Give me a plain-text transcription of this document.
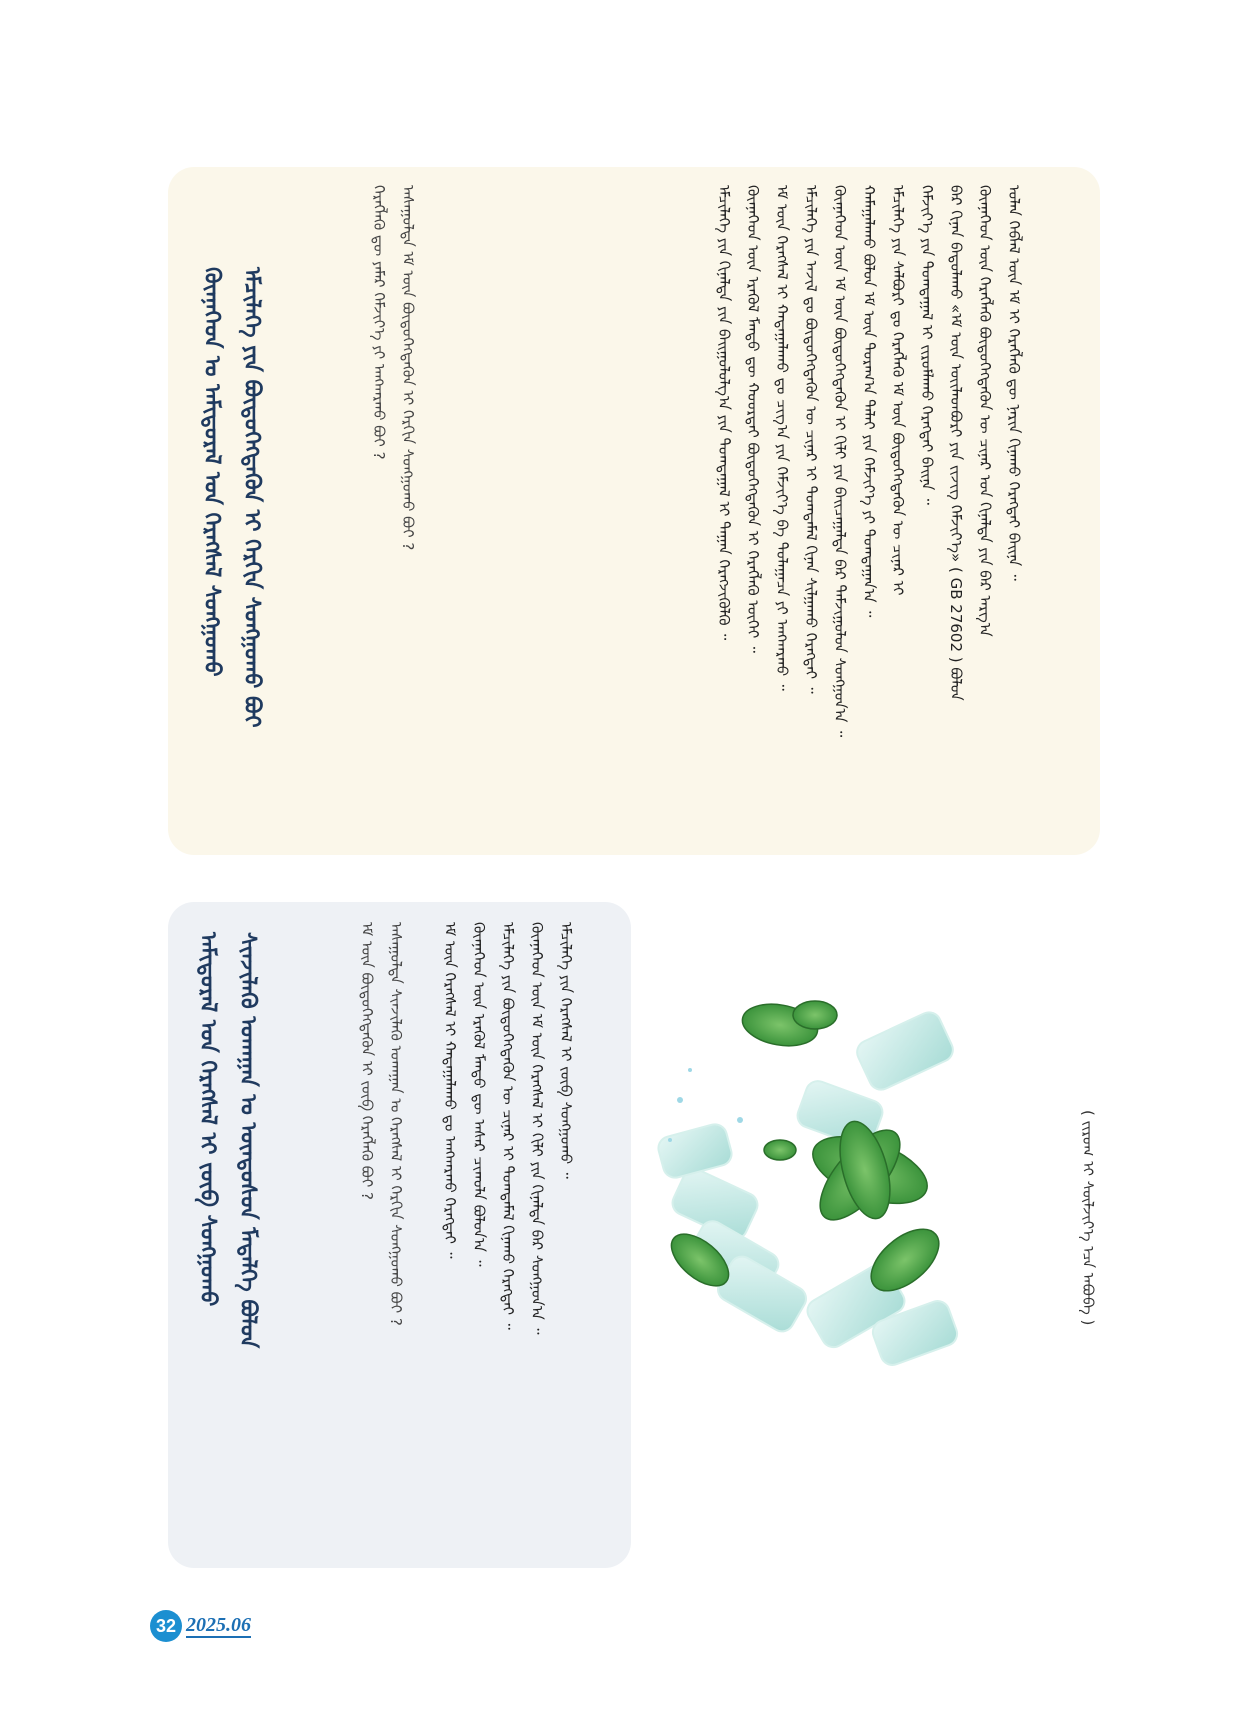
ᠣᠯᠠᠨ ᠬᠡᠪᠯᠡᠯ ᠦᠨ ᠡᠮ ᠢ ᠬᠡᠷᠡᠭᠯᠡᠬᠦ ᠳᠦ ᠨᠠᠷᠢᠨ ᠬᠢᠨᠠᠬᠤ ᠬᠡᠷᠡᠭᠲᠡᠢ ᠪᠠᠢᠨᠠ ᠃
ᠬᠦᠨᠨᠡᠭᠡᠳ ᠦᠨ ᠬᠡᠷᠡᠭᠯᠡᠬᠦ ᠪᠦᠲᠦᠭᠡᠭᠳᠡᠬᠦᠨ ᠦ ᠴᠢᠨᠠᠷ ᠤᠨ ᠬᠢᠨᠠᠯᠲᠠ ᠶᠢᠨ ᠪᠠᠷ ᠠᠷᠭ᠎ᠠ
ᠪᠠᠷ ᠬᠢᠨᠠᠨ ᠪᠠᠲᠤᠯᠠᠬᠤ «ᠡᠮ ᠦᠨ ᠦᠢᠯᠡᠳᠪᠦᠷᠢ ᠶᠢᠨ ᠵᠢᠵᠢᠭ ᠬᠡᠮᠵᠢᠶ᠎ᠡ» ( GB 27602 ) ᠪᠣᠯᠤᠨ
ᠬᠡᠮᠵᠢᠶ᠎ᠡ ᠶᠢᠨ ᠲᠣᠭᠲᠠᠭᠠᠯ ᠢ ᠵᠢᠷᠤᠮᠯᠠᠬᠤ ᠬᠡᠷᠡᠭᠲᠡᠢ ᠪᠠᠢᠨᠠ ᠃
ᠡᠮᠴᠢᠯᠡᠭᠡ ᠶᠢᠨ ᠰᠠᠯᠪᠤᠷᠢ ᠳᠤ ᠬᠡᠷᠡᠭᠯᠡᠬᠦ ᠡᠮ ᠦᠨ ᠪᠦᠲᠦᠭᠡᠭᠳᠡᠬᠦᠨ ᠦ ᠴᠢᠨᠠᠷ ᠢ
ᠬᠠᠮᠠᠭᠠᠯᠠᠬᠤ ᠪᠣᠯᠤᠨ ᠡᠮ ᠦᠨ ᠳᠤᠷᠠᠭ᠎ᠠ ᠳᠠᠯᠠᠢ ᠶᠢᠨ ᠬᠡᠮᠵᠢᠶ᠎ᠡ ᠶᠢ ᠲᠣᠭᠲᠠᠭᠠᠨ᠎ᠠ ᠃
ᠬᠦᠨᠨᠡᠭᠡᠳ ᠦᠨ ᠡᠮ ᠦᠨ ᠪᠦᠲᠦᠭᠡᠭᠳᠡᠬᠦᠨ ᠢ ᠬᠢᠯᠢ ᠶᠢᠨ ᠪᠠᠢᠴᠠᠭᠠᠯᠲᠠ ᠪᠠᠷ ᠳᠠᠮᠵᠢᠭᠤᠯᠤᠨ ᠰᠣᠩᠭᠤᠨ᠎ᠠ ᠃
ᠡᠮᠴᠢᠯᠡᠭᠡ ᠶᠢᠨ ᠠᠵᠢᠯ ᠳᠤ ᠪᠦᠲᠦᠭᠡᠭᠳᠡᠬᠦᠨ ᠦ ᠴᠢᠨᠠᠷ ᠢ ᠲᠣᠭᠲᠠᠮᠠᠯ ᠬᠢᠨᠠᠨ ᠰᠢᠯᠭᠠᠬᠤ ᠬᠡᠷᠡᠭᠲᠡᠢ ᠃
ᠡᠮ ᠦᠨ ᠬᠡᠷᠡᠭᠰᠡᠯ ᠢ ᠬᠠᠳᠠᠭᠠᠯᠠᠬᠤ ᠳᠤ ᠴᠢᠭ᠎ᠠ ᠶᠢᠨ ᠬᠡᠮᠵᠢᠶ᠎ᠡ ᠪᠠ ᠳᠤᠯᠠᠭᠠᠴᠠ ᠶᠢ ᠠᠩᠬᠠᠷᠬᠤ ᠃
ᠬᠦᠨᠨᠡᠭᠡᠳ ᠦᠨ ᠡᠷᠡᠭᠦᠯ ᠮᠡᠨᠳᠦ ᠳᠦ ᠬᠣᠣᠷᠲᠠᠢ ᠪᠦᠲᠦᠭᠡᠭᠳᠡᠬᠦᠨ ᠢ ᠬᠡᠷᠡᠭᠯᠡᠬᠦ ᠦᠭᠡᠢ ᠃
ᠡᠮᠴᠢᠯᠡᠭᠡ ᠶᠢᠨ ᠬᠢᠨᠠᠯᠲᠠ ᠶᠢᠨ ᠪᠠᠢᠭᠤᠯᠤᠯᠭ᠎ᠠ ᠶᠢᠨ ᠲᠣᠭᠲᠠᠭᠠᠯ ᠢ ᠳᠠᠭᠠᠨ ᠬᠡᠷᠡᠭᠵᠢᠭᠦᠯᠬᠦ ᠃
ᠠᠰᠠᠭᠤᠯᠲᠠ ᠡᠮ ᠦᠨ ᠪᠦᠲᠦᠭᠡᠭᠳᠡᠬᠦᠨ ᠢ ᠬᠡᠷᠬᠢᠨ ᠰᠣᠩᠭᠤᠬᠤ ᠪᠤᠢ ?
ᠬᠡᠷᠡᠭᠯᠡᠬᠦ ᠳᠦ ᠶᠠᠮᠠᠷ ᠬᠡᠮᠵᠢᠶ᠎ᠡ ᠶᠢ ᠠᠩᠬᠠᠷᠬᠤ ᠪᠤᠢ ?
ᠡᠮᠴᠢᠯᠡᠭᠡ ᠶᠢᠨ ᠪᠦᠲᠦᠭᠡᠭᠳᠡᠬᠦᠨ ᠢ ᠬᠡᠷᠬᠢᠨ ᠰᠣᠩᠭᠤᠬᠤ ᠪᠤᠢ
ᠬᠦᠨᠨᠡᠭᠡᠳ ᠤ ᠠᠮᠢᠳᠤᠷᠠᠯ ᠤᠨ ᠬᠡᠷᠡᠭᠰᠡᠯ ᠰᠣᠩᠭᠤᠬᠤ
ᠡᠮᠴᠢᠯᠡᠭᠡ ᠶᠢᠨ ᠬᠡᠷᠡᠭᠰᠡᠯ ᠢ ᠵᠥᠪ ᠰᠣᠩᠭᠤᠬᠤ ᠃
ᠬᠦᠨᠨᠡᠭᠡᠳ ᠦᠨ ᠡᠮ ᠦᠨ ᠬᠡᠷᠡᠭᠰᠡᠯ ᠢ ᠬᠢᠯᠢ ᠶᠢᠨ ᠬᠢᠨᠠᠯᠲᠠ ᠪᠠᠷ ᠰᠣᠩᠭᠤᠨ᠎ᠠ ᠃
ᠡᠮᠴᠢᠯᠡᠭᠡ ᠶᠢᠨ ᠪᠦᠲᠦᠭᠡᠭᠳᠡᠬᠦᠨ ᠦ ᠴᠢᠨᠠᠷ ᠢ ᠲᠣᠭᠲᠠᠮᠠᠯ ᠬᠢᠨᠠᠬᠤ ᠬᠡᠷᠡᠭᠲᠡᠢ ᠃
ᠬᠦᠨᠨᠡᠭᠡᠳ ᠦᠨ ᠡᠷᠡᠭᠦᠯ ᠮᠡᠨᠳᠦ ᠳᠦ ᠠᠰᠠᠷ ᠴᠢᠬᠤᠯᠠ ᠪᠣᠯᠤᠨ᠎ᠠ ᠃
ᠡᠮ ᠦᠨ ᠬᠡᠷᠡᠭᠰᠡᠯ ᠢ ᠬᠠᠳᠠᠭᠠᠯᠠᠬᠤ ᠳᠤ ᠠᠩᠬᠠᠷᠬᠤ ᠬᠡᠷᠡᠭᠲᠡᠢ ᠃
ᠠᠰᠠᠭᠤᠯᠲᠠ ᠰᠢᠨᠵᠢᠯᠡᠬᠦ ᠤᠬᠠᠭᠠᠨ ᠤ ᠬᠡᠷᠡᠭᠰᠡᠯ ᠢ ᠬᠡᠷᠬᠢᠨ ᠰᠣᠩᠭᠤᠬᠤ ᠪᠤᠢ ?
ᠡᠮ ᠦᠨ ᠪᠦᠲᠦᠭᠡᠭᠳᠡᠬᠦᠨ ᠢ ᠵᠥᠪ ᠬᠡᠷᠡᠭᠯᠡᠬᠦ ᠪᠤᠢ ?
ᠰᠢᠨᠵᠢᠯᠡᠬᠦ ᠤᠬᠠᠭᠠᠨ ᠤ ᠦᠨᠳᠦᠰᠦᠨ ᠮᠡᠳᠡᠯᠭᠡ ᠪᠣᠯᠤᠨ
ᠠᠮᠢᠳᠤᠷᠠᠯ ᠤᠨ ᠬᠡᠷᠡᠭᠰᠡᠯ ᠢ ᠵᠥᠪ ᠰᠣᠩᠭᠤᠬᠤ	( ᠵᠢᠷᠤᠭ ᠢ ᠰᠦᠯᠵᠢᠶ᠎ᠡ ᠡᠴᠡ ᠠᠪᠤᠪᠠ )
32 2025.06
